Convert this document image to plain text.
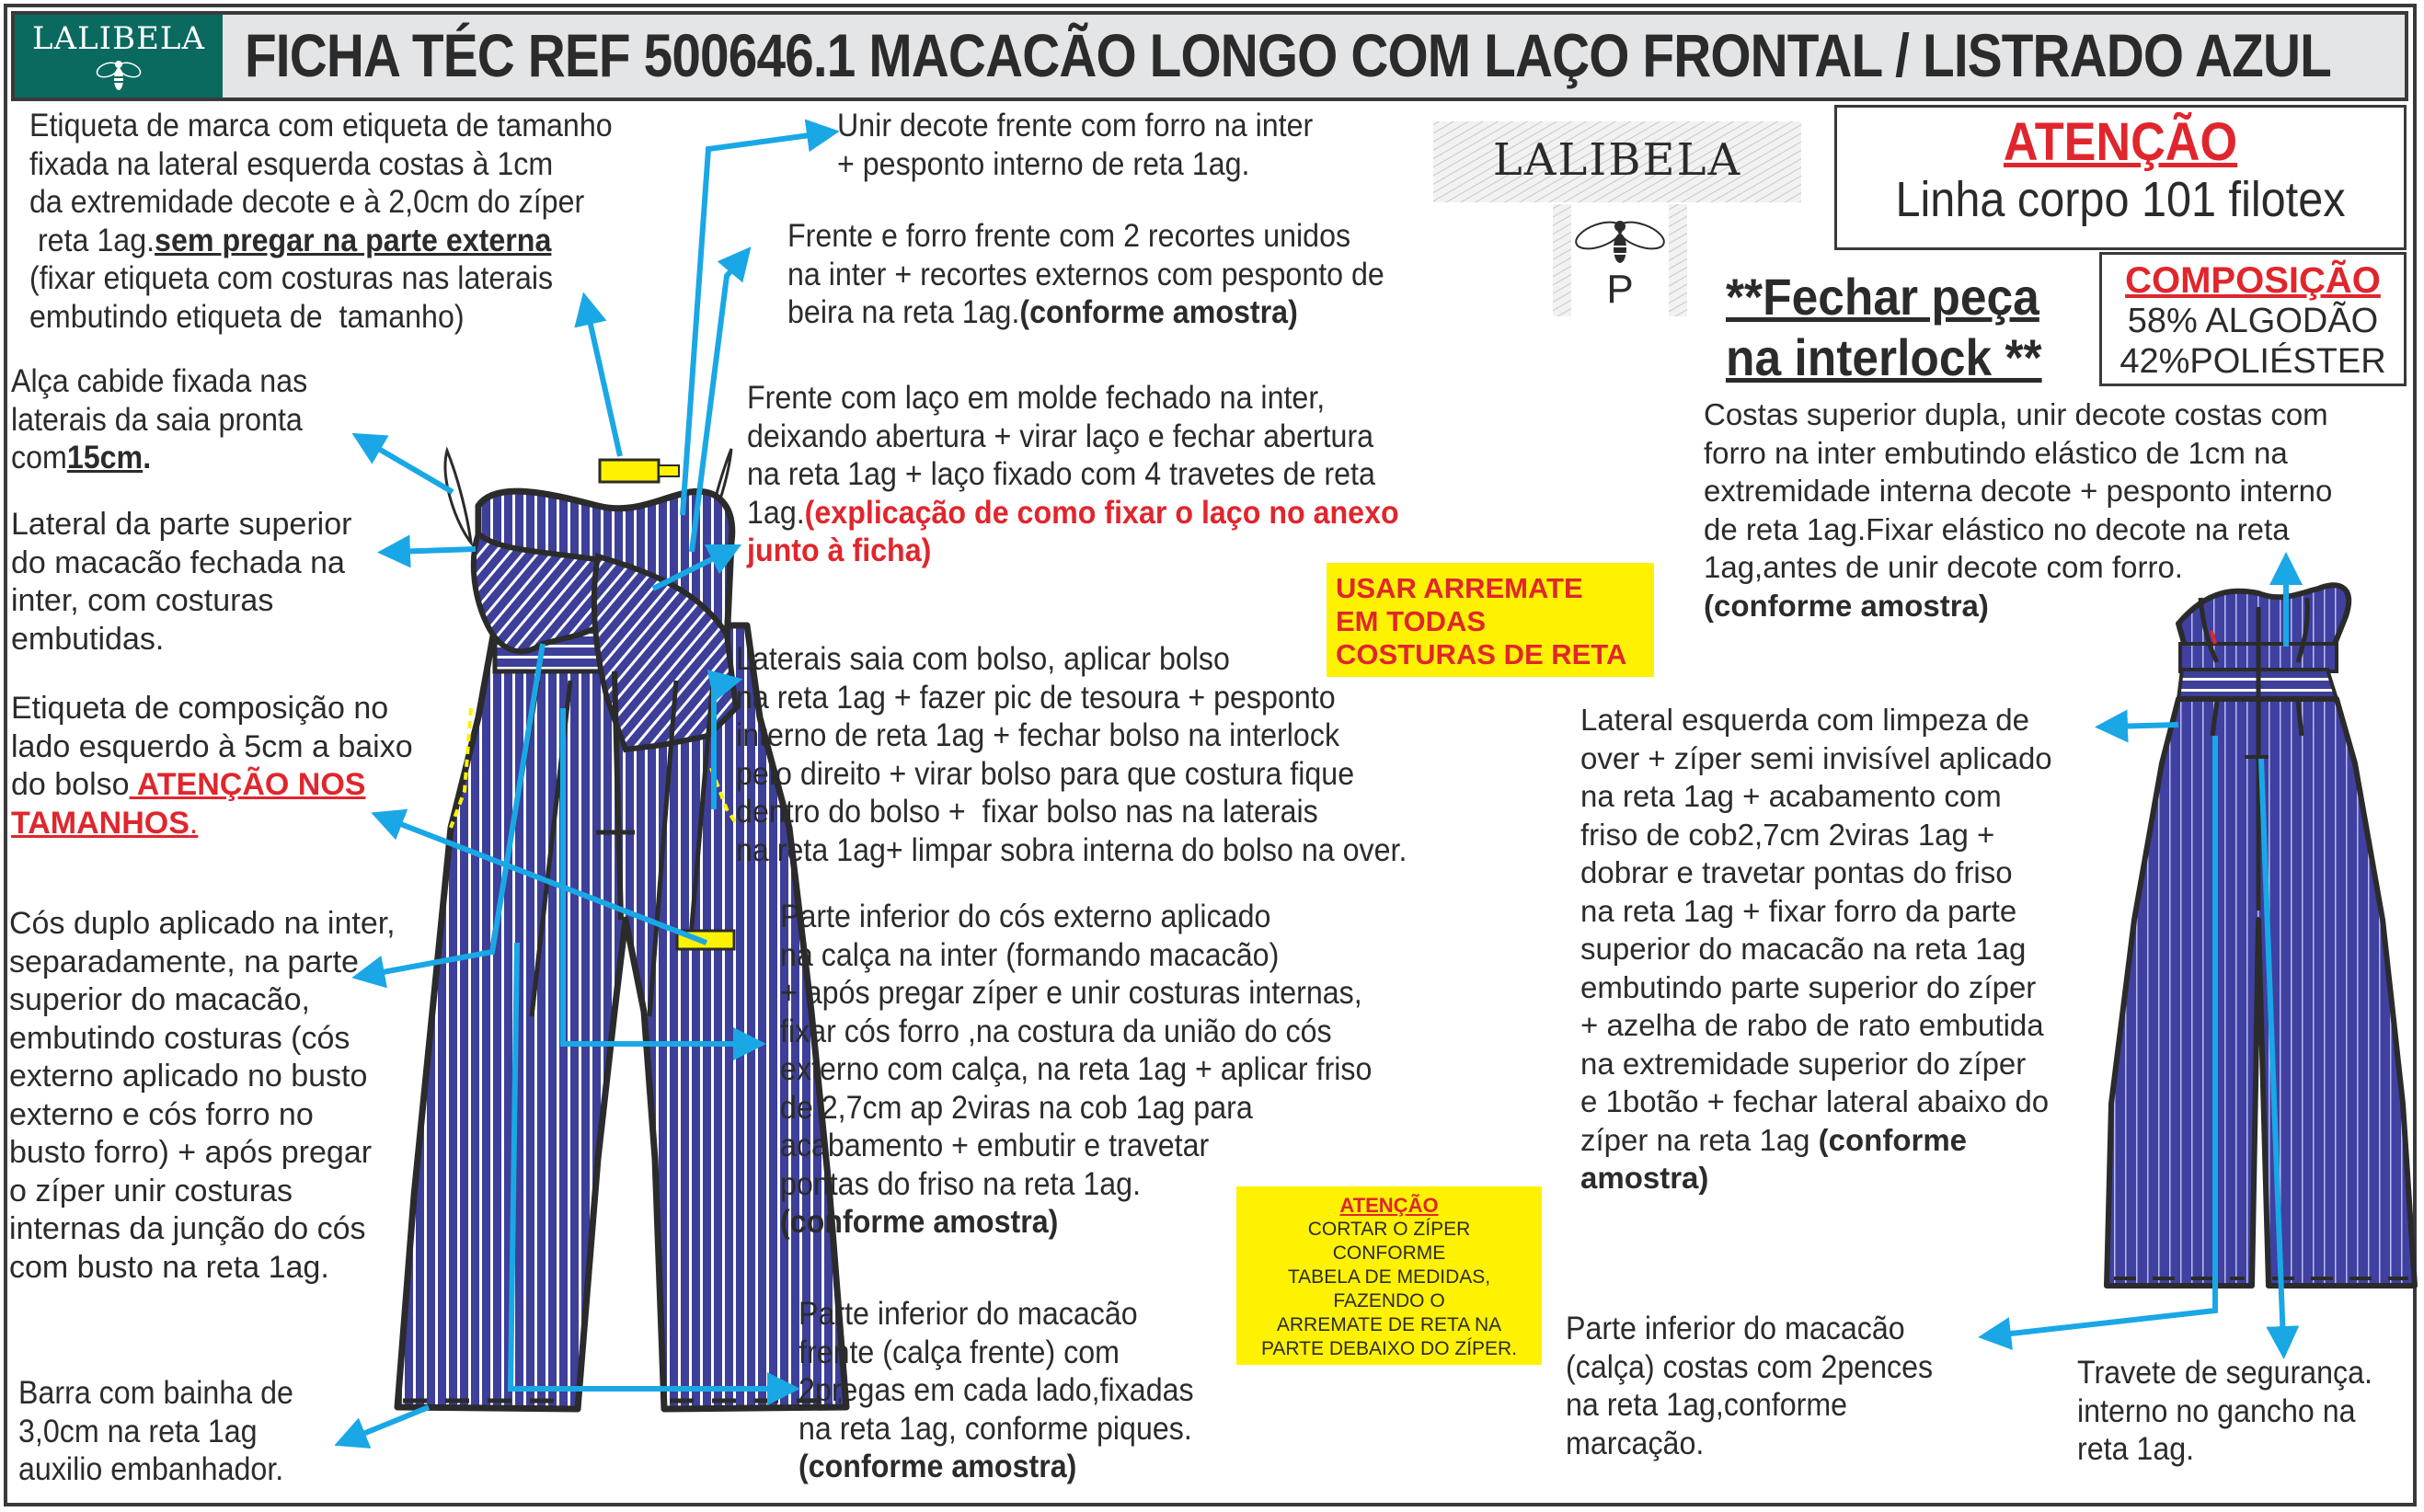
LALIBELA FICHA TÉC REF 500646.1 MACACÃO LONGO COM LAÇO FRONTAL / LISTRADO AZUL
LALIBELA
P
ATENÇÃO
Linha corpo 101 filotex
COMPOSIÇÃO
58% ALGODÃO
42%POLIÉSTER
**Fechar peça
na interlock **
USAR ARREMATE
EM TODAS
COSTURAS DE RETA
ATENÇÃO
CORTAR O ZÍPER
CONFORME
TABELA DE MEDIDAS,
FAZENDO O
ARREMATE DE RETA NA
PARTE DEBAIXO DO ZÍPER.
Etiqueta de marca com etiqueta de tamanho
fixada na lateral esquerda costas à 1cm
da extremidade decote e à 2,0cm do zíper
reta 1ag.sem pregar na parte externa
(fixar etiqueta com costuras nas laterais
embutindo etiqueta de  tamanho)
Alça cabide fixada nas
laterais da saia pronta
com15cm.
Lateral da parte superior
do macacão fechada na
inter, com costuras
embutidas.
Etiqueta de composição no
lado esquerdo à 5cm a baixo
do bolso ATENÇÃO NOS
TAMANHOS.
Cós duplo aplicado na inter,
separadamente, na parte
superior do macacão,
embutindo costuras (cós
externo aplicado no busto
externo e cós forro no
busto forro) + após pregar
o zíper unir costuras
internas da junção do cós
com busto na reta 1ag.
Barra com bainha de
3,0cm na reta 1ag
auxilio embanhador.
Unir decote frente com forro na inter
+ pesponto interno de reta 1ag.
Frente e forro frente com 2 recortes unidos
na inter + recortes externos com pesponto de
beira na reta 1ag.(conforme amostra)
Frente com laço em molde fechado na inter,
deixando abertura + virar laço e fechar abertura
na reta 1ag + laço fixado com 4 travetes de reta
1ag.(explicação de como fixar o laço no anexo
junto à ficha)
Laterais saia com bolso, aplicar bolso
na reta 1ag + fazer pic de tesoura + pesponto
interno de reta 1ag + fechar bolso na interlock
pelo direito + virar bolso para que costura fique
dentro do bolso +  fixar bolso nas na laterais
na reta 1ag+ limpar sobra interna do bolso na over.
Parte inferior do cós externo aplicado
na calça na inter (formando macacão)
+ após pregar zíper e unir costuras internas,
fixar cós forro ,na costura da união do cós
externo com calça, na reta 1ag + aplicar friso
de 2,7cm ap 2viras na cob 1ag para
acabamento + embutir e travetar
pontas do friso na reta 1ag.
(conforme amostra)
Parte inferior do macacão
frente (calça frente) com
2pregas em cada lado,fixadas
na reta 1ag, conforme piques.
(conforme amostra)
Costas superior dupla, unir decote costas com
forro na inter embutindo elástico de 1cm na
extremidade interna decote + pesponto interno
de reta 1ag.Fixar elástico no decote na reta
1ag,antes de unir decote com forro.
(conforme amostra)
Lateral esquerda com limpeza de
over + zíper semi invisível aplicado
na reta 1ag + acabamento com
friso de cob2,7cm 2viras 1ag +
dobrar e travetar pontas do friso
na reta 1ag + fixar forro da parte
superior do macacão na reta 1ag
embutindo parte superior do zíper
+ azelha de rabo de rato embutida
na extremidade superior do zíper
e 1botão + fechar lateral abaixo do
zíper na reta 1ag (conforme
amostra)
Parte inferior do macacão
(calça) costas com 2pences
na reta 1ag,conforme
marcação.
Travete de segurança.
interno no gancho na
reta 1ag.
